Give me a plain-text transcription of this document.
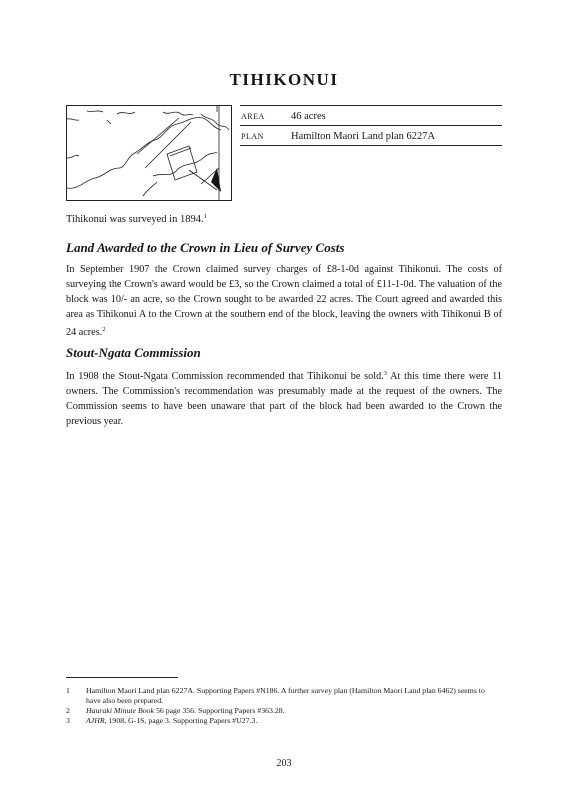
TIHIKONUI
AREA	46 acres
PLAN	Hamilton Maori Land plan 6227A
Tihikonui was surveyed in 1894.$^1$
Land Awarded to the Crown in Lieu of Survey Costs

In September 1907 the Crown claimed survey charges of £8-1-0d against Tihikonui. The costs of surveying the Crown's award would be £3, so the Crown claimed a total of £11-1-0d. The valuation of the block was 10/- an acre, so the Crown sought to be awarded 22 acres. The Court agreed and awarded this area as Tihikonui A to the Crown at the southern end of the block, leaving the owners with Tihikonui B of 24 acres.$^2$

Stout-Ngata Commission

In 1908 the Stout-Ngata Commission recommended that Tihikonui be sold.$^3$ At this time there were 11 owners. The Commission's recommendation was presumably made at the request of the owners. The Commission seems to have been unaware that part of the block had been awarded to the Crown the previous year.

1	Hamilton Maori Land plan 6227A. Supporting Papers #N186. A further survey plan (Hamilton Maori Land plan 6462) seems to have also been prepared.
2	Hauraki Minute Book 56 page 356. Supporting Papers #363.28.
3	AJHR, 1908, G-1S, page 3. Supporting Papers #U27.3.
203
